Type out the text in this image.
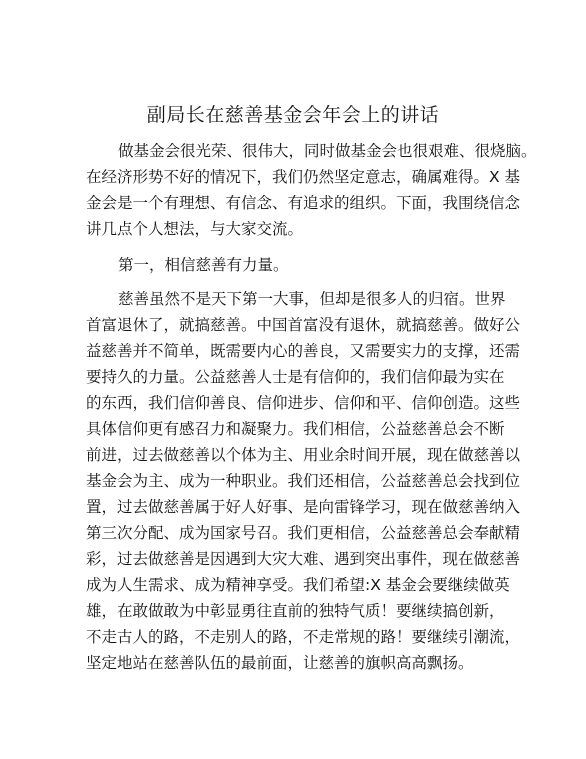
副局长在慈善基金会年会上的讲话

做基金会很光荣、很伟大，同时做基金会也很艰难、很烧脑。

在经济形势不好的情况下，我们仍然坚定意志，确属难得。X 基

金会是一个有理想、有信念、有追求的组织。下面，我围绕信念

讲几点个人想法，与大家交流。

第一，相信慈善有力量。

慈善虽然不是天下第一大事，但却是很多人的归宿。世界

首富退休了，就搞慈善。中国首富没有退休，就搞慈善。做好公

益慈善并不简单，既需要内心的善良，又需要实力的支撑，还需

要持久的力量。公益慈善人士是有信仰的，我们信仰最为实在

的东西，我们信仰善良、信仰进步、信仰和平、信仰创造。这些

具体信仰更有感召力和凝聚力。我们相信，公益慈善总会不断

前进，过去做慈善以个体为主、用业余时间开展，现在做慈善以

基金会为主、成为一种职业。我们还相信，公益慈善总会找到位

置，过去做慈善属于好人好事、是向雷锋学习，现在做慈善纳入

第三次分配、成为国家号召。我们更相信，公益慈善总会奉献精

彩，过去做慈善是因遇到大灾大难、遇到突出事件，现在做慈善

成为人生需求、成为精神享受。我们希望:X 基金会要继续做英

雄，在敢做敢为中彰显勇往直前的独特气质！要继续搞创新，

不走古人的路，不走别人的路，不走常规的路！要继续引潮流，

坚定地站在慈善队伍的最前面，让慈善的旗帜高高飘扬。
